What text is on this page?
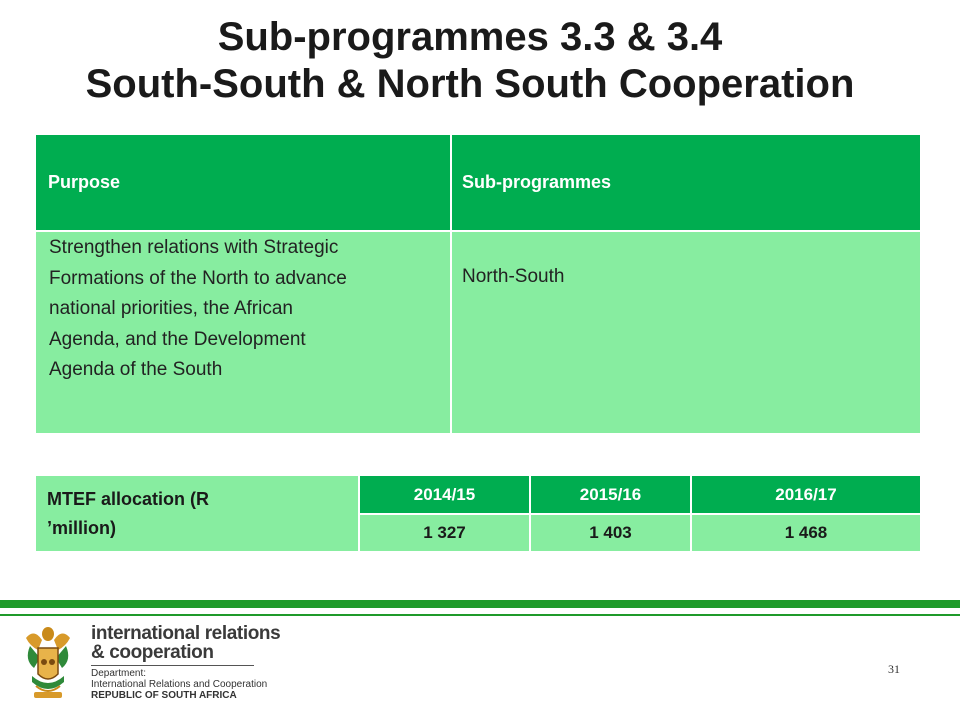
Sub-programmes 3.3 & 3.4
South-South & North South Cooperation
Purpose	Sub-programmes

Strengthen relations with Strategic
Formations of the North to advance
national priorities, the African
Agenda, and the Development
Agenda of the South	North-South
MTEF allocation (R
’million)	2014/15	2015/16	2016/17
	1 327	1 403	1 468
international relations
& cooperation
Department:
International Relations and Cooperation
REPUBLIC OF SOUTH AFRICA
31
